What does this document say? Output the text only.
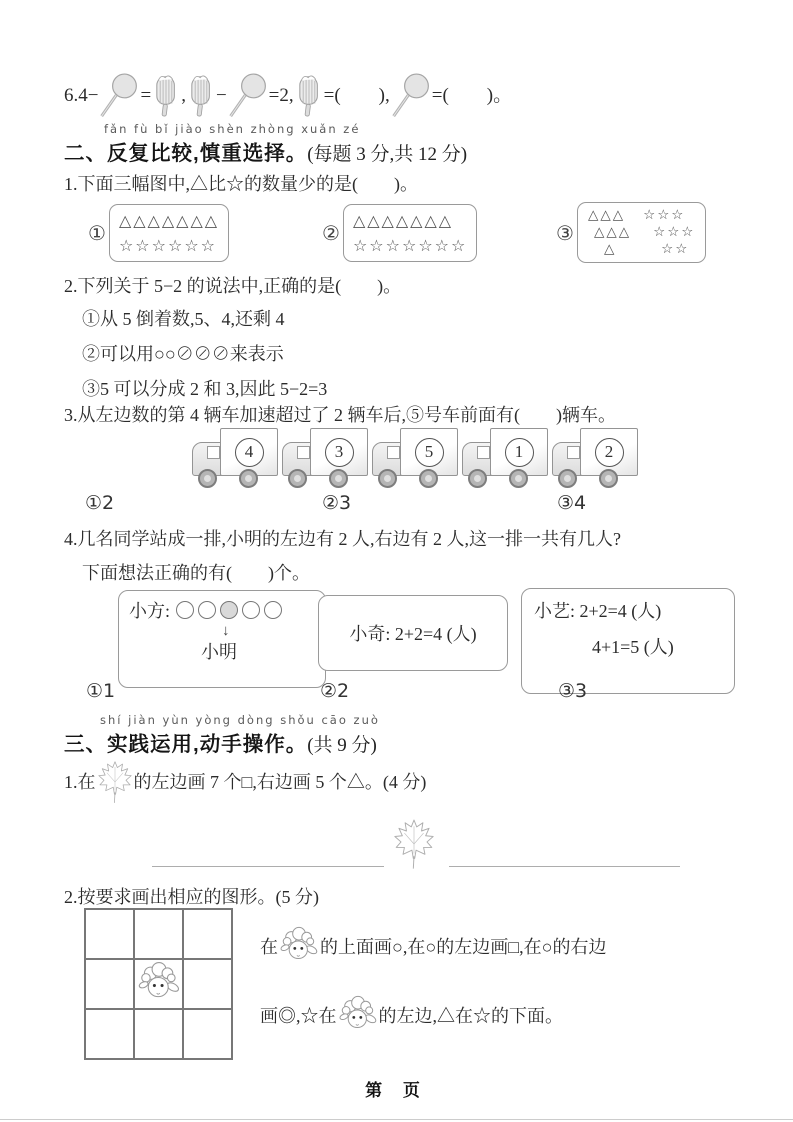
6.4− = , − =2, =(　　), =(　　)。
fǎn fù bǐ jiào shèn zhòng xuǎn zé
二、反复比较,慎重选择。(每题 3 分,共 12 分)
1.下面三幅图中,△比☆的数量少的是(　　)。
①
△△△△△△△
☆☆☆☆☆☆
②
△△△△△△△
☆☆☆☆☆☆☆
③
△△△
△△△
△
☆☆☆
☆☆☆
☆☆
2.下列关于 5−2 的说法中,正确的是(　　)。
①从 5 倒着数,5、4,还剩 4
②可以用○○⊘⊘⊘来表示
③5 可以分成 2 和 3,因此 5−2=3
3.从左边数的第 4 辆车加速超过了 2 辆车后,⑤号车前面有(　　)辆车。
4	3	5	1	2
①2	②3	③4
4.几名同学站成一排,小明的左边有 2 人,右边有 2 人,这一排一共有几人?
下面想法正确的有(　　)个。
小方:
↓
小明
小奇: 2+2=4 (人)
小艺: 2+2=4 (人)
4+1=5 (人)
①1	②2	③3
shí jiàn yùn yòng dòng shǒu cāo zuò
三、实践运用,动手操作。(共 9 分)
1.在 的左边画 7 个□,右边画 5 个△。(4 分)
2.按要求画出相应的图形。(5 分)
在 的上面画○,在○的左边画□,在○的右边
画◎,☆在 的左边,△在☆的下面。
第 页
